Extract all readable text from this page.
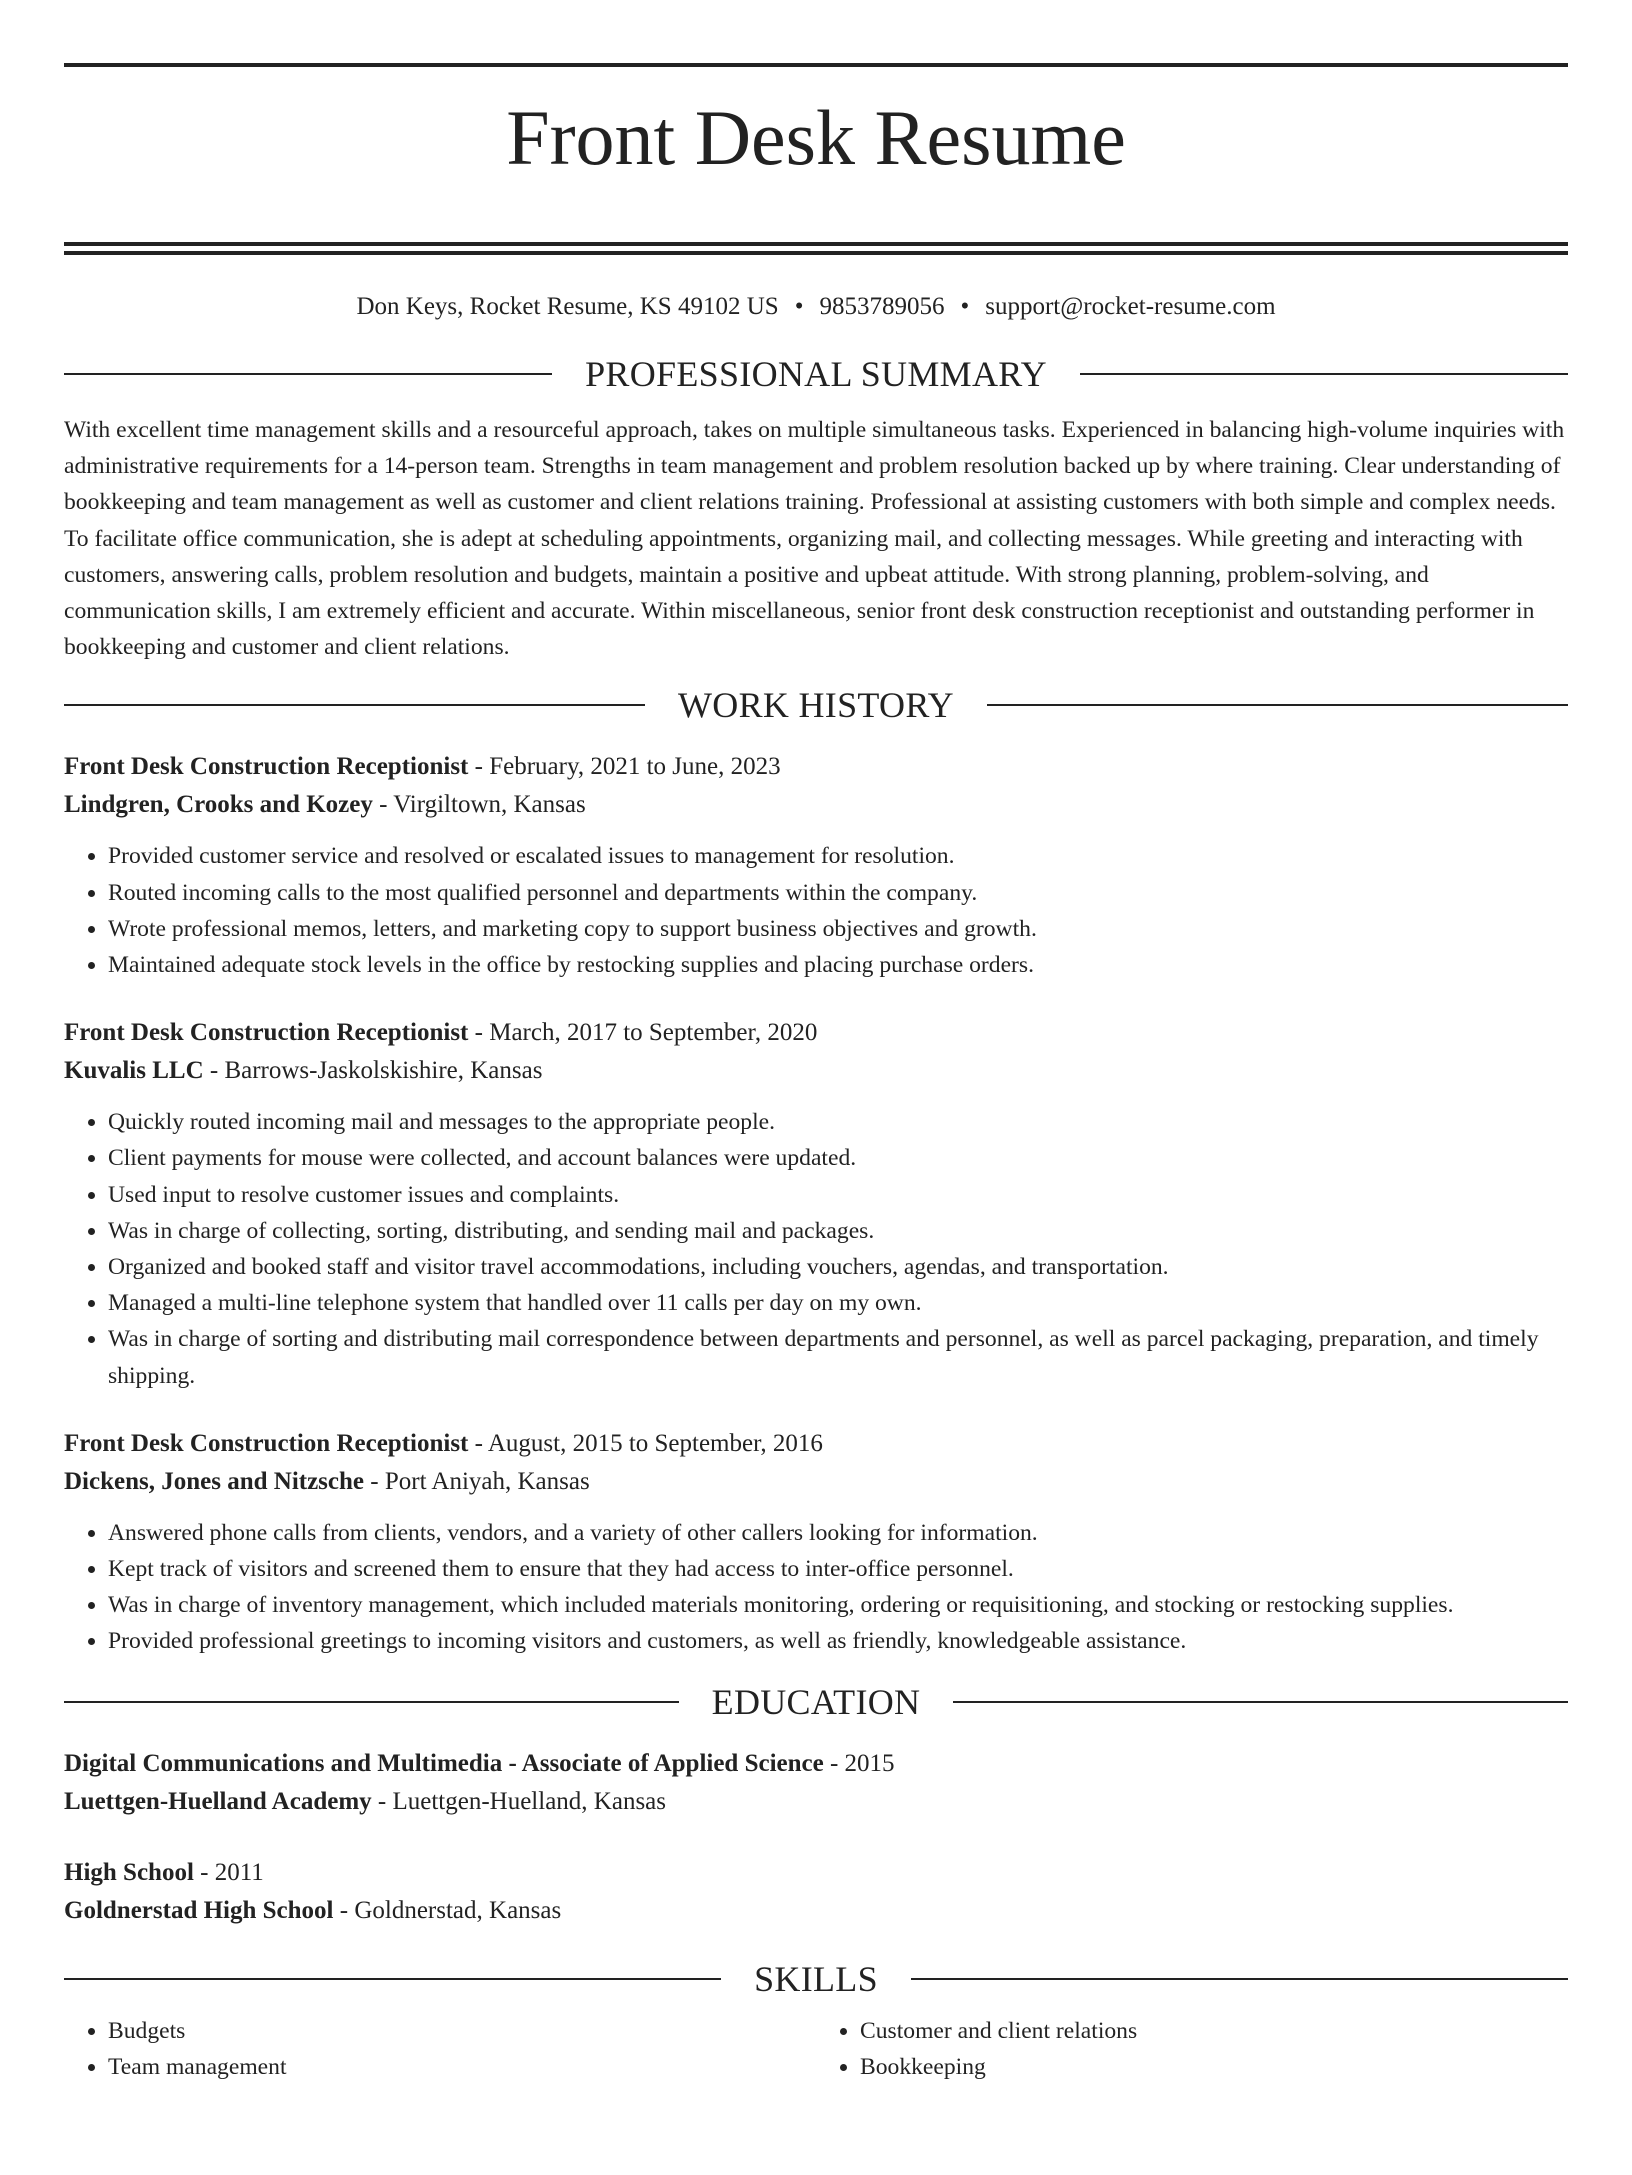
Front Desk Resume
Don Keys, Rocket Resume, KS 49102 US • 9853789056 • support@rocket-resume.com
PROFESSIONAL SUMMARY

With excellent time management skills and a resourceful approach, takes on multiple simultaneous tasks. Experienced in balancing high-volume inquiries with administrative requirements for a 14-person team. Strengths in team management and problem resolution backed up by where training. Clear understanding of bookkeeping and team management as well as customer and client relations training. Professional at assisting customers with both simple and complex needs. To facilitate office communication, she is adept at scheduling appointments, organizing mail, and collecting messages. While greeting and interacting with customers, answering calls, problem resolution and budgets, maintain a positive and upbeat attitude. With strong planning, problem-solving, and communication skills, I am extremely efficient and accurate. Within miscellaneous, senior front desk construction receptionist and outstanding performer in bookkeeping and customer and client relations.

WORK HISTORY

Front Desk Construction Receptionist - February, 2021 to June, 2023

Lindgren, Crooks and Kozey - Virgiltown, Kansas

• Provided customer service and resolved or escalated issues to management for resolution.
• Routed incoming calls to the most qualified personnel and departments within the company.
• Wrote professional memos, letters, and marketing copy to support business objectives and growth.
• Maintained adequate stock levels in the office by restocking supplies and placing purchase orders.

Front Desk Construction Receptionist - March, 2017 to September, 2020

Kuvalis LLC - Barrows-Jaskolskishire, Kansas

• Quickly routed incoming mail and messages to the appropriate people.
• Client payments for mouse were collected, and account balances were updated.
• Used input to resolve customer issues and complaints.
• Was in charge of collecting, sorting, distributing, and sending mail and packages.
• Organized and booked staff and visitor travel accommodations, including vouchers, agendas, and transportation.
• Managed a multi-line telephone system that handled over 11 calls per day on my own.
• Was in charge of sorting and distributing mail correspondence between departments and personnel, as well as parcel packaging, preparation, and timely shipping.

Front Desk Construction Receptionist - August, 2015 to September, 2016

Dickens, Jones and Nitzsche - Port Aniyah, Kansas

• Answered phone calls from clients, vendors, and a variety of other callers looking for information.
• Kept track of visitors and screened them to ensure that they had access to inter-office personnel.
• Was in charge of inventory management, which included materials monitoring, ordering or requisitioning, and stocking or restocking supplies.
• Provided professional greetings to incoming visitors and customers, as well as friendly, knowledgeable assistance.
EDUCATION

Digital Communications and Multimedia - Associate of Applied Science - 2015

Luettgen-Huelland Academy - Luettgen-Huelland, Kansas

High School - 2011

Goldnerstad High School - Goldnerstad, Kansas

SKILLS
• Budgets
• Team management
• Customer and client relations
• Bookkeeping
